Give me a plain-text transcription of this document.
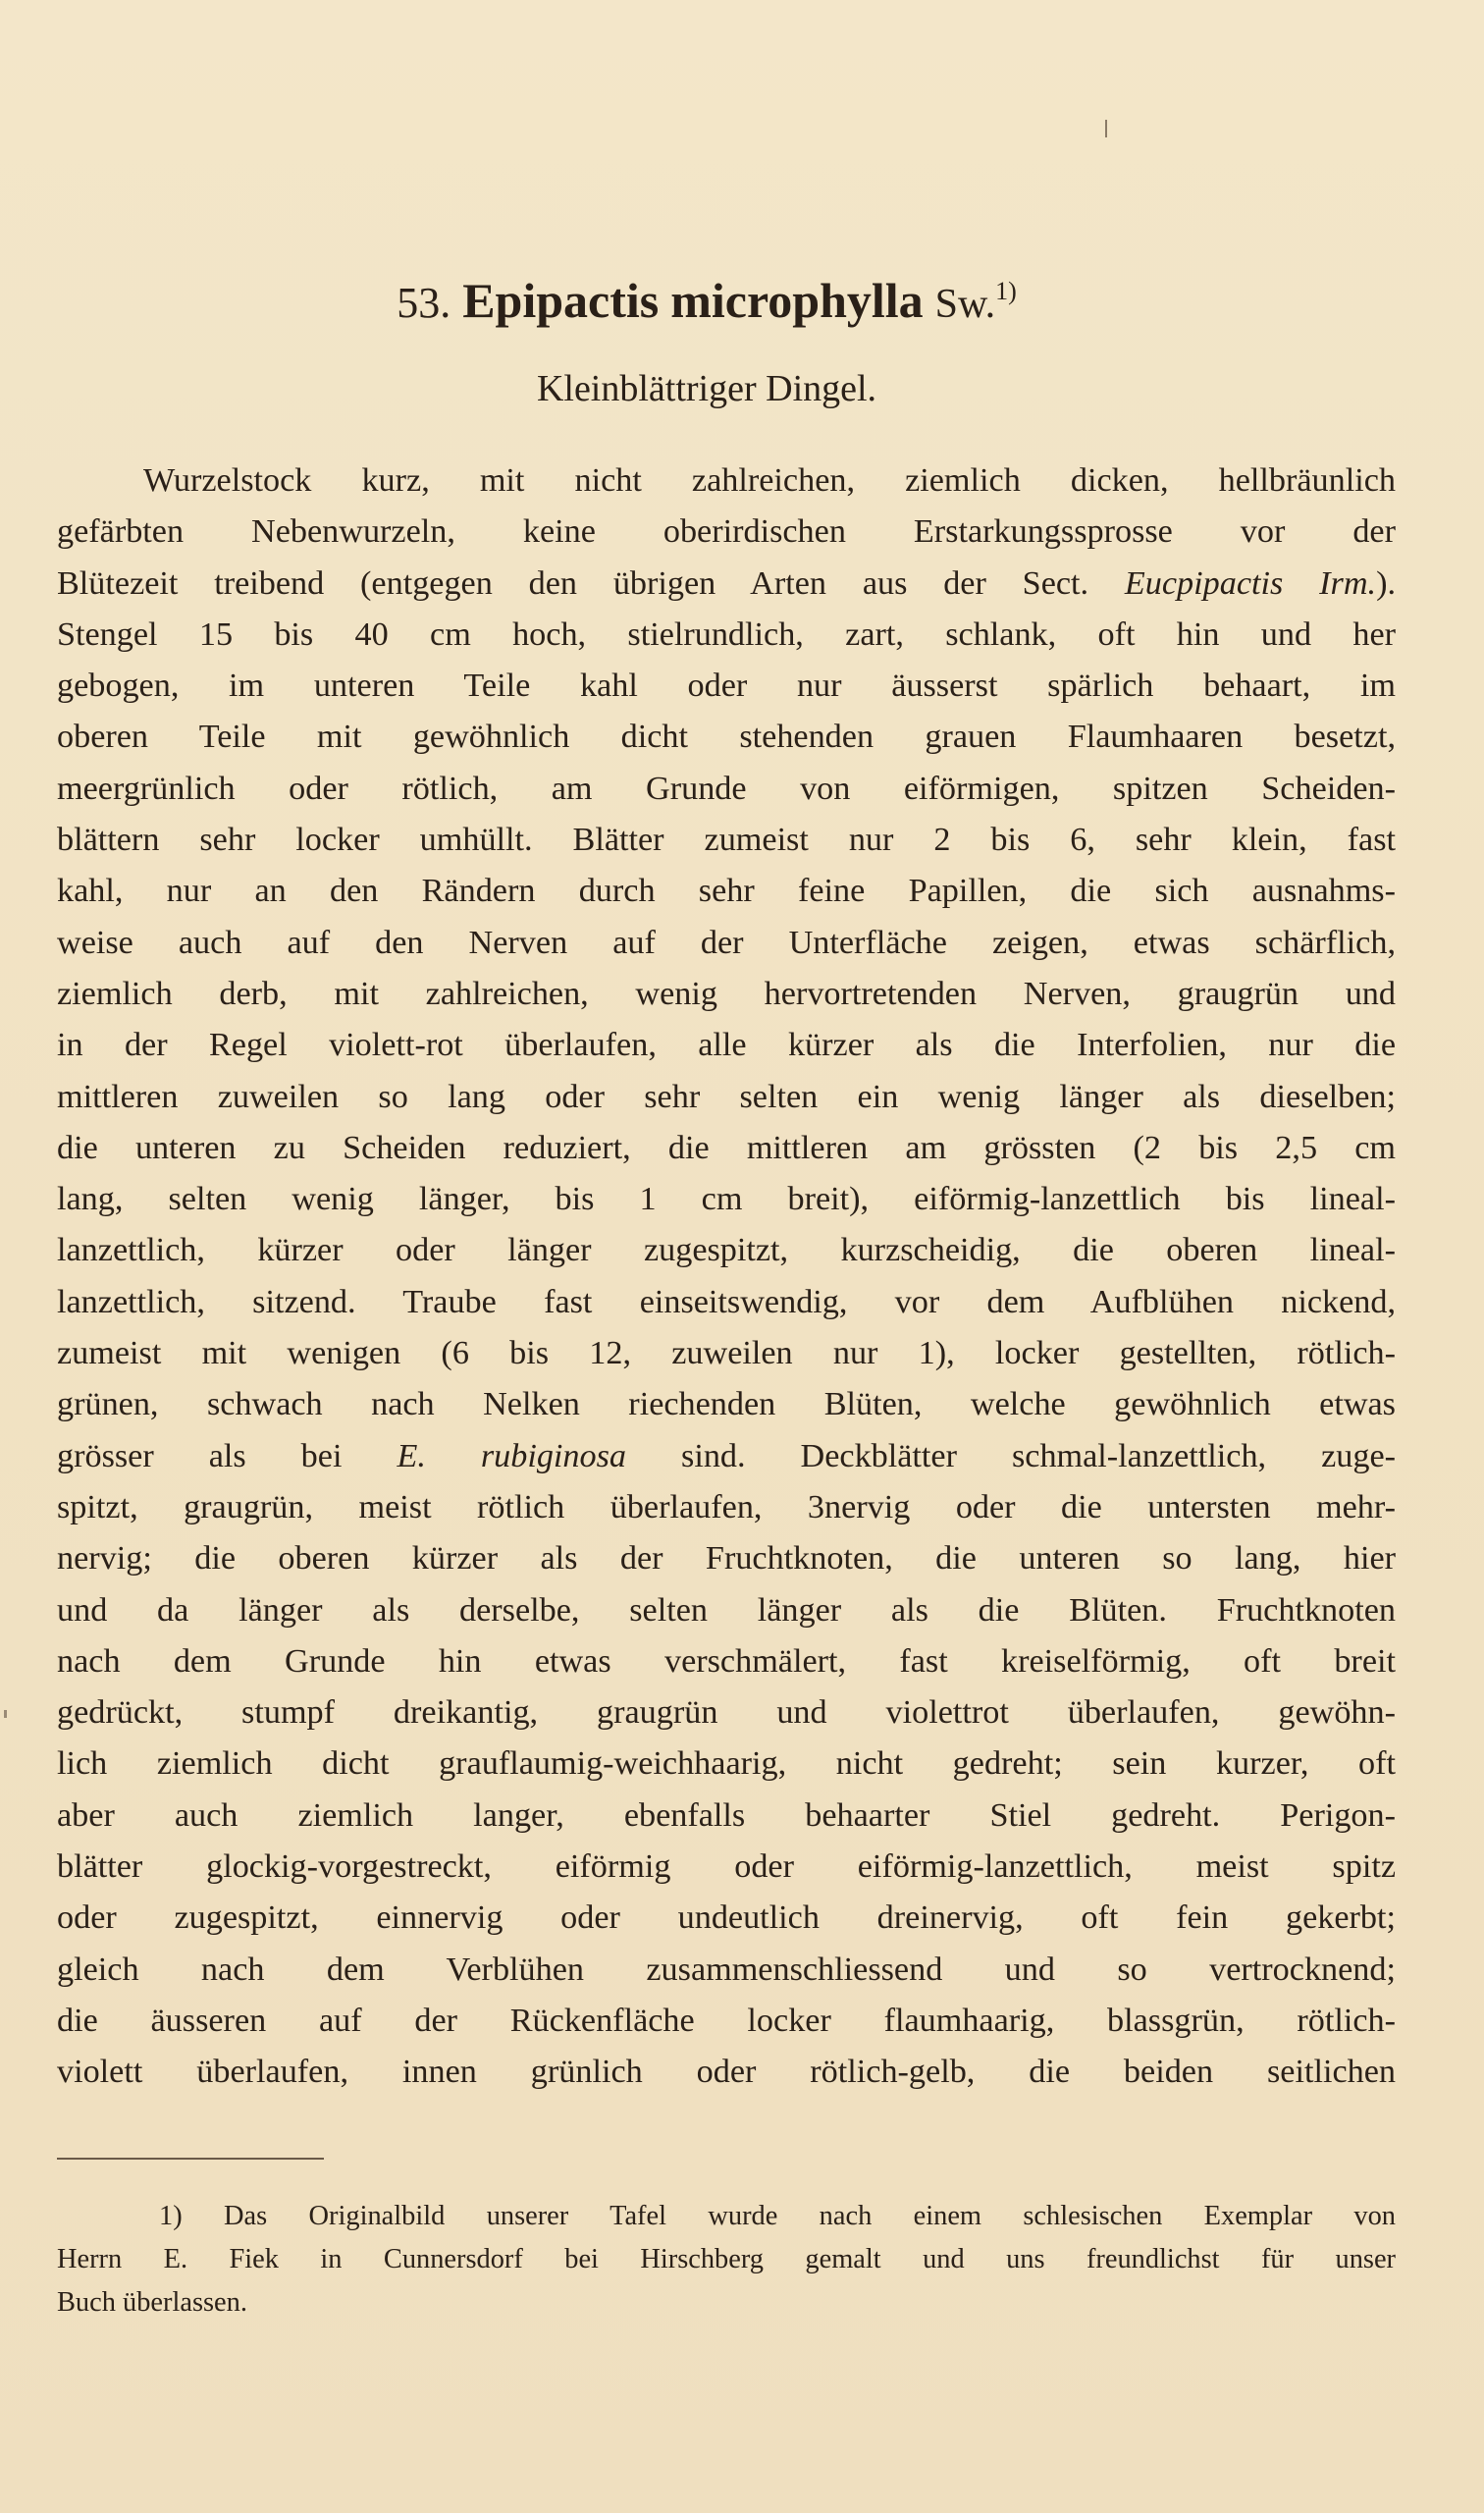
53. Epipactis microphylla Sw.$^{1)}$
Kleinblättriger Dingel.
Wurzelstock kurz, mit nicht zahlreichen, ziemlich dicken, hellbräunlich
gefärbten Nebenwurzeln, keine oberirdischen Erstarkungssprosse vor der
Blütezeit treibend (entgegen den übrigen Arten aus der Sect. Eucpipactis Irm.).
Stengel 15 bis 40 cm hoch, stielrundlich, zart, schlank, oft hin und her
gebogen, im unteren Teile kahl oder nur äusserst spärlich behaart, im
oberen Teile mit gewöhnlich dicht stehenden grauen Flaumhaaren besetzt,
meergrünlich oder rötlich, am Grunde von eiförmigen, spitzen Scheiden-
blättern sehr locker umhüllt. Blätter zumeist nur 2 bis 6, sehr klein, fast
kahl, nur an den Rändern durch sehr feine Papillen, die sich ausnahms-
weise auch auf den Nerven auf der Unterfläche zeigen, etwas schärflich,
ziemlich derb, mit zahlreichen, wenig hervortretenden Nerven, graugrün und
in der Regel violett-rot überlaufen, alle kürzer als die Interfolien, nur die
mittleren zuweilen so lang oder sehr selten ein wenig länger als dieselben;
die unteren zu Scheiden reduziert, die mittleren am grössten (2 bis 2,5 cm
lang, selten wenig länger, bis 1 cm breit), eiförmig-lanzettlich bis lineal-
lanzettlich, kürzer oder länger zugespitzt, kurzscheidig, die oberen lineal-
lanzettlich, sitzend. Traube fast einseitswendig, vor dem Aufblühen nickend,
zumeist mit wenigen (6 bis 12, zuweilen nur 1), locker gestellten, rötlich-
grünen, schwach nach Nelken riechenden Blüten, welche gewöhnlich etwas
grösser als bei E. rubiginosa sind. Deckblätter schmal-lanzettlich, zuge-
spitzt, graugrün, meist rötlich überlaufen, 3nervig oder die untersten mehr-
nervig; die oberen kürzer als der Fruchtknoten, die unteren so lang, hier
und da länger als derselbe, selten länger als die Blüten. Fruchtknoten
nach dem Grunde hin etwas verschmälert, fast kreiselförmig, oft breit
gedrückt, stumpf dreikantig, graugrün und violettrot überlaufen, gewöhn-
lich ziemlich dicht grauflaumig-weichhaarig, nicht gedreht; sein kurzer, oft
aber auch ziemlich langer, ebenfalls behaarter Stiel gedreht. Perigon-
blätter glockig-vorgestreckt, eiförmig oder eiförmig-lanzettlich, meist spitz
oder zugespitzt, einnervig oder undeutlich dreinervig, oft fein gekerbt;
gleich nach dem Verblühen zusammenschliessend und so vertrocknend;
die äusseren auf der Rückenfläche locker flaumhaarig, blassgrün, rötlich-
violett überlaufen, innen grünlich oder rötlich-gelb, die beiden seitlichen
1) Das Originalbild unserer Tafel wurde nach einem schlesischen Exemplar von
Herrn E. Fiek in Cunnersdorf bei Hirschberg gemalt und uns freundlichst für unser
Buch überlassen.
